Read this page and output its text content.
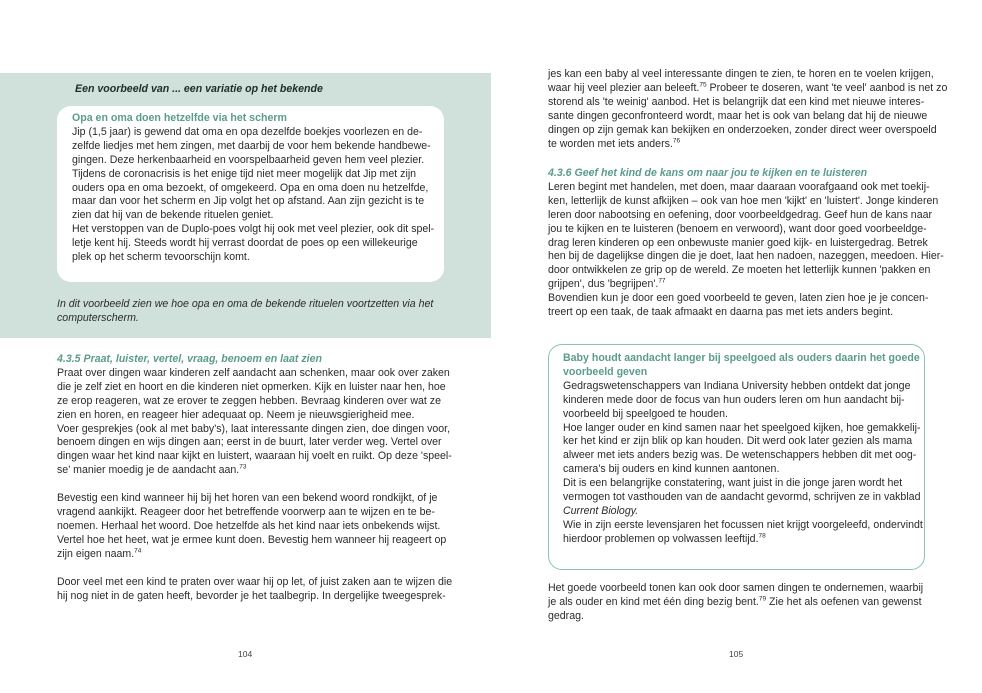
Een voorbeeld van ... een variatie op het bekende
Opa en oma doen hetzelfde via het scherm
Jip (1,5 jaar) is gewend dat oma en opa dezelfde boekjes voorlezen en de-
zelfde liedjes met hem zingen, met daarbij de voor hem bekende handbewe-
gingen. Deze herkenbaarheid en voorspelbaarheid geven hem veel plezier.
Tijdens de coronacrisis is het enige tijd niet meer mogelijk dat Jip met zijn
ouders opa en oma bezoekt, of omgekeerd. Opa en oma doen nu hetzelfde,
maar dan voor het scherm en Jip volgt het op afstand. Aan zijn gezicht is te
zien dat hij van de bekende rituelen geniet.
Het verstoppen van de Duplo-poes volgt hij ook met veel plezier, ook dit spel-
letje kent hij. Steeds wordt hij verrast doordat de poes op een willekeurige
plek op het scherm tevoorschijn komt.
In dit voorbeeld zien we hoe opa en oma de bekende rituelen voortzetten via het
computerscherm.
4.3.5 Praat, luister, vertel, vraag, benoem en laat zien
Praat over dingen waar kinderen zelf aandacht aan schenken, maar ook over zaken
die je zelf ziet en hoort en die kinderen niet opmerken. Kijk en luister naar hen, hoe
ze erop reageren, wat ze erover te zeggen hebben. Bevraag kinderen over wat ze
zien en horen, en reageer hier adequaat op. Neem je nieuwsgierigheid mee.
Voer gesprekjes (ook al met baby's), laat interessante dingen zien, doe dingen voor,
benoem dingen en wijs dingen aan; eerst in de buurt, later verder weg. Vertel over
dingen waar het kind naar kijkt en luistert, waaraan hij voelt en ruikt. Op deze 'speel-
se' manier moedig je de aandacht aan.$^{73}$
Bevestig een kind wanneer hij bij het horen van een bekend woord rondkijkt, of je
vragend aankijkt. Reageer door het betreffende voorwerp aan te wijzen en te be-
noemen. Herhaal het woord. Doe hetzelfde als het kind naar iets onbekends wijst.
Vertel hoe het heet, wat je ermee kunt doen. Bevestig hem wanneer hij reageert op
zijn eigen naam.$^{74}$
Door veel met een kind te praten over waar hij op let, of juist zaken aan te wijzen die
hij nog niet in de gaten heeft, bevorder je het taalbegrip. In dergelijke tweegesprek-
104
jes kan een baby al veel interessante dingen te zien, te horen en te voelen krijgen,
waar hij veel plezier aan beleeft.$^{75}$ Probeer te doseren, want 'te veel' aanbod is net zo
storend als 'te weinig' aanbod. Het is belangrijk dat een kind met nieuwe interes-
sante dingen geconfronteerd wordt, maar het is ook van belang dat hij de nieuwe
dingen op zijn gemak kan bekijken en onderzoeken, zonder direct weer overspoeld
te worden met iets anders.$^{76}$
4.3.6 Geef het kind de kans om naar jou te kijken en te luisteren
Leren begint met handelen, met doen, maar daaraan voorafgaand ook met toekij-
ken, letterlijk de kunst afkijken – ook van hoe men 'kijkt' en 'luistert'. Jonge kinderen
leren door nabootsing en oefening, door voorbeeldgedrag. Geef hun de kans naar
jou te kijken en te luisteren (benoem en verwoord), want door goed voorbeeldge-
drag leren kinderen op een onbewuste manier goed kijk- en luistergedrag. Betrek
hen bij de dagelijkse dingen die je doet, laat hen nadoen, nazeggen, meedoen. Hier-
door ontwikkelen ze grip op de wereld. Ze moeten het letterlijk kunnen 'pakken en
grijpen', dus 'begrijpen'.$^{77}$
Bovendien kun je door een goed voorbeeld te geven, laten zien hoe je je concen-
treert op een taak, de taak afmaakt en daarna pas met iets anders begint.
Baby houdt aandacht langer bij speelgoed als ouders daarin het goede
voorbeeld geven
Gedragswetenschappers van Indiana University hebben ontdekt dat jonge
kinderen mede door de focus van hun ouders leren om hun aandacht bij-
voorbeeld bij speelgoed te houden.
Hoe langer ouder en kind samen naar het speelgoed kijken, hoe gemakkelij-
ker het kind er zijn blik op kan houden. Dit werd ook later gezien als mama
alweer met iets anders bezig was. De wetenschappers hebben dit met oog-
camera's bij ouders en kind kunnen aantonen.
Dit is een belangrijke constatering, want juist in die jonge jaren wordt het
vermogen tot vasthouden van de aandacht gevormd, schrijven ze in vakblad
Current Biology.
Wie in zijn eerste levensjaren het focussen niet krijgt voorgeleefd, ondervindt
hierdoor problemen op volwassen leeftijd.$^{78}$
Het goede voorbeeld tonen kan ook door samen dingen te ondernemen, waarbij
je als ouder en kind met één ding bezig bent.$^{79}$ Zie het als oefenen van gewenst
gedrag.
105
